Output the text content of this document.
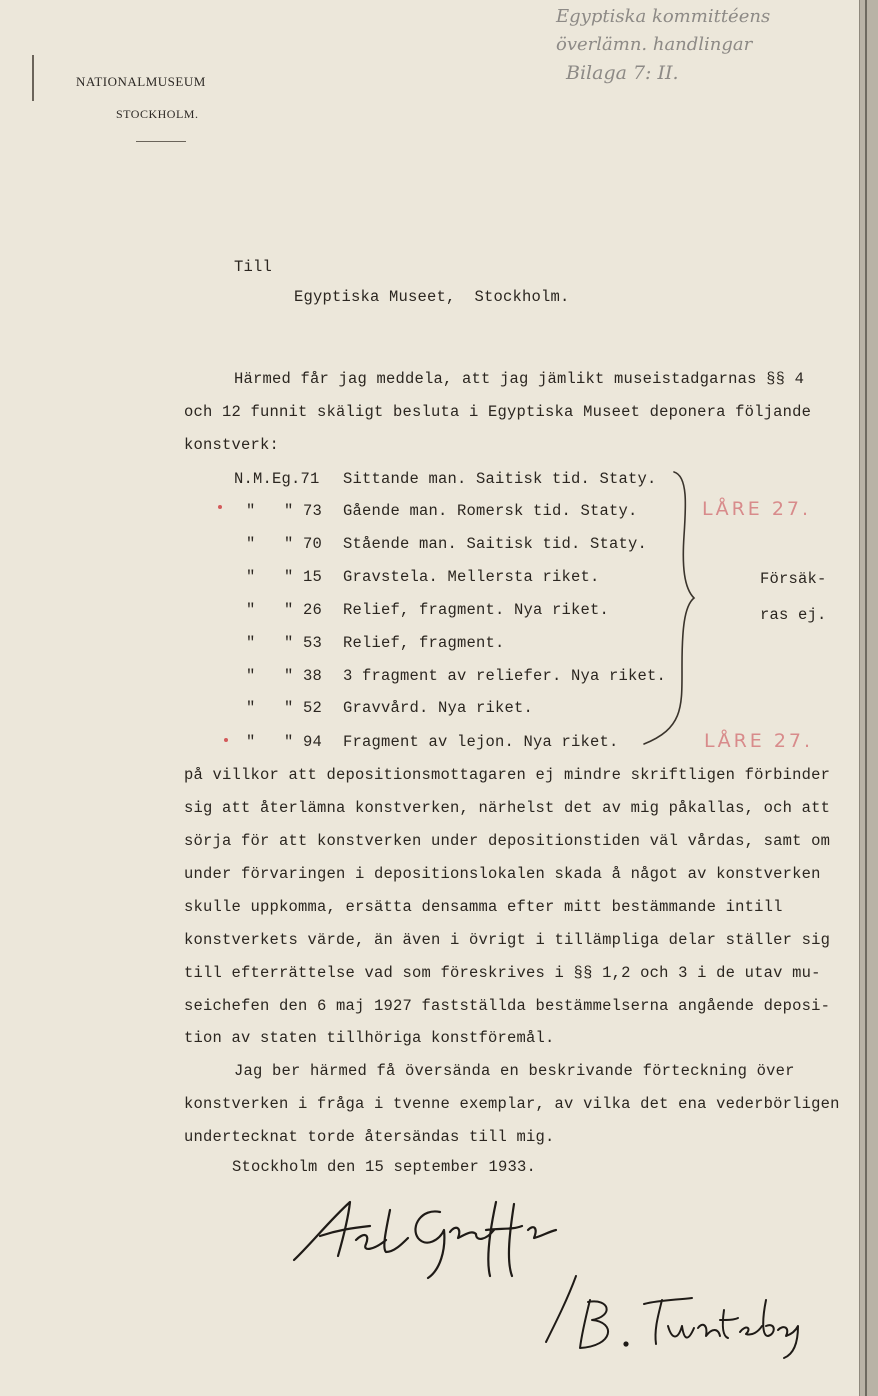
NATIONALMUSEUM
STOCKHOLM.
Egyptiska kommittéens
överlämn. handlingar
Bilaga 7: II.
Till
Egyptiska Museet,  Stockholm.
Härmed får jag meddela, att jag jämlikt museistadgarnas §§ 4
och 12 funnit skäligt besluta i Egyptiska Museet deponera följande
konstverk:
N.M.Eg.71 Sittande man. Saitisk tid. Staty.
"   " 73 Gående man. Romersk tid. Staty.
"   " 70 Stående man. Saitisk tid. Staty.
"   " 15 Gravstela. Mellersta riket.
"   " 26 Relief, fragment. Nya riket.
"   " 53 Relief, fragment.
"   " 38 3 fragment av reliefer. Nya riket.
"   " 52 Gravvård. Nya riket.
"   " 94 Fragment av lejon. Nya riket.
Försäk-
ras ej.
LÅRE 27.
LÅRE 27.
på villkor att depositionsmottagaren ej mindre skriftligen förbinder
sig att återlämna konstverken, närhelst det av mig påkallas, och att
sörja för att konstverken under depositionstiden väl vårdas, samt om
under förvaringen i depositionslokalen skada å något av konstverken
skulle uppkomma, ersätta densamma efter mitt bestämmande intill
konstverkets värde, än även i övrigt i tillämpliga delar ställer sig
till efterrättelse vad som föreskrives i §§ 1,2 och 3 i de utav mu-
seichefen den 6 maj 1927 fastställda bestämmelserna angående deposi-
tion av staten tillhöriga konstföremål.
Jag ber härmed få översända en beskrivande förteckning över
konstverken i fråga i tvenne exemplar, av vilka det ena vederbörligen
undertecknat torde återsändas till mig.
Stockholm den 15 september 1933.
